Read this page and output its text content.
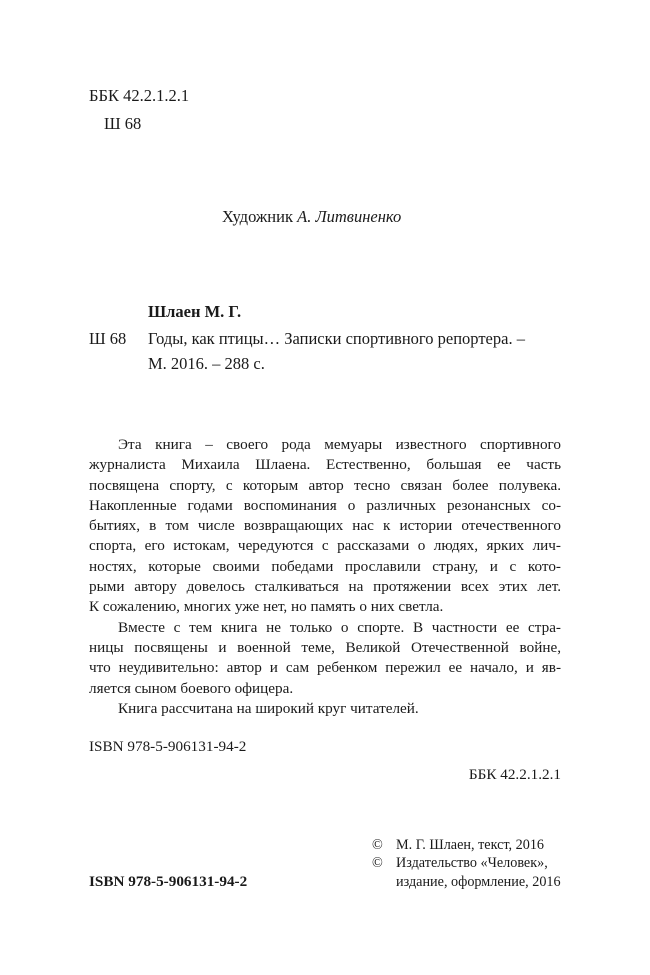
ББК 42.2.1.2.1
Ш 68
Художник А. Литвиненко
Шлаен М. Г.
Ш 68 Годы, как птицы… Записки спортивного репортера. –
М. 2016. – 288 с.
Эта книга – своего рода мемуары известного спортивного
журналиста Михаила Шлаена. Естественно, большая ее часть
посвящена спорту, с которым автор тесно связан более полувека.
Накопленные годами воспоминания о различных резонансных со-
бытиях, в том числе возвращающих нас к истории отечественного
спорта, его истокам, чередуются с рассказами о людях, ярких лич-
ностях, которые своими победами прославили страну, и с кото-
рыми автору довелось сталкиваться на протяжении всех этих лет.
К сожалению, многих уже нет, но память о них светла.
Вместе с тем книга не только о спорте. В частности ее стра-
ницы посвящены и военной теме, Великой Отечественной войне,
что неудивительно: автор и сам ребенком пережил ее начало, и яв-
ляется сыном боевого офицера.
Книга рассчитана на широкий круг читателей.
ISBN 978-5-906131-94-2
ББК 42.2.1.2.1
© М. Г. Шлаен, текст, 2016
© Издательство «Человек»,
издание, оформление, 2016
ISBN 978-5-906131-94-2
